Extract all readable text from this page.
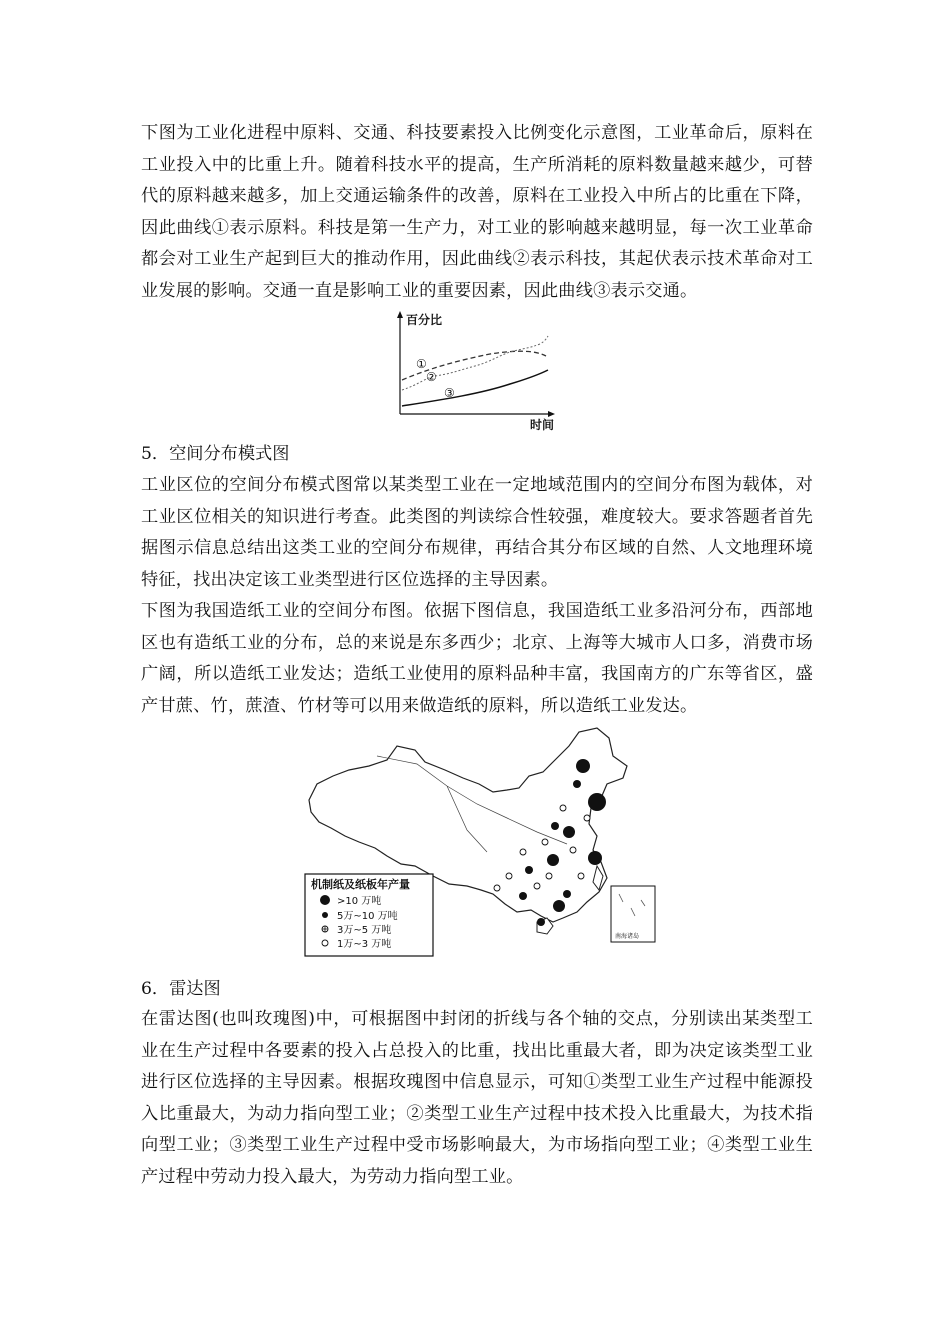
下图为工业化进程中原料、交通、科技要素投入比例变化示意图，工业革命后，原料在工业投入中的比重上升。随着科技水平的提高，生产所消耗的原料数量越来越少，可替代的原料越来越多，加上交通运输条件的改善，原料在工业投入中所占的比重在下降，因此曲线①表示原料。科技是第一生产力，对工业的影响越来越明显，每一次工业革命都会对工业生产起到巨大的推动作用，因此曲线②表示科技，其起伏表示技术革命对工业发展的影响。交通一直是影响工业的重要因素，因此曲线③表示交通。

百分比
时间
①
②
③

5．空间分布模式图

工业区位的空间分布模式图常以某类型工业在一定地域范围内的空间分布图为载体，对工业区位相关的知识进行考查。此类图的判读综合性较强，难度较大。要求答题者首先据图示信息总结出这类工业的空间分布规律，再结合其分布区域的自然、人文地理环境特征，找出决定该工业类型进行区位选择的主导因素。

下图为我国造纸工业的空间分布图。依据下图信息，我国造纸工业多沿河分布，西部地区也有造纸工业的分布，总的来说是东多西少；北京、上海等大城市人口多，消费市场广阔，所以造纸工业发达；造纸工业使用的原料品种丰富，我国南方的广东等省区，盛产甘蔗、竹，蔗渣、竹材等可以用来做造纸的原料，所以造纸工业发达。

机制纸及纸板年产量
>10 万吨
5万~10 万吨
3万~5 万吨
1万~3 万吨
南海诸岛

6．雷达图

在雷达图(也叫玫瑰图)中，可根据图中封闭的折线与各个轴的交点，分别读出某类型工业在生产过程中各要素的投入占总投入的比重，找出比重最大者，即为决定该类型工业进行区位选择的主导因素。根据玫瑰图中信息显示，可知①类型工业生产过程中能源投入比重最大，为动力指向型工业；②类型工业生产过程中技术投入比重最大，为技术指向型工业；③类型工业生产过程中受市场影响最大，为市场指向型工业；④类型工业生产过程中劳动力投入最大，为劳动力指向型工业。
